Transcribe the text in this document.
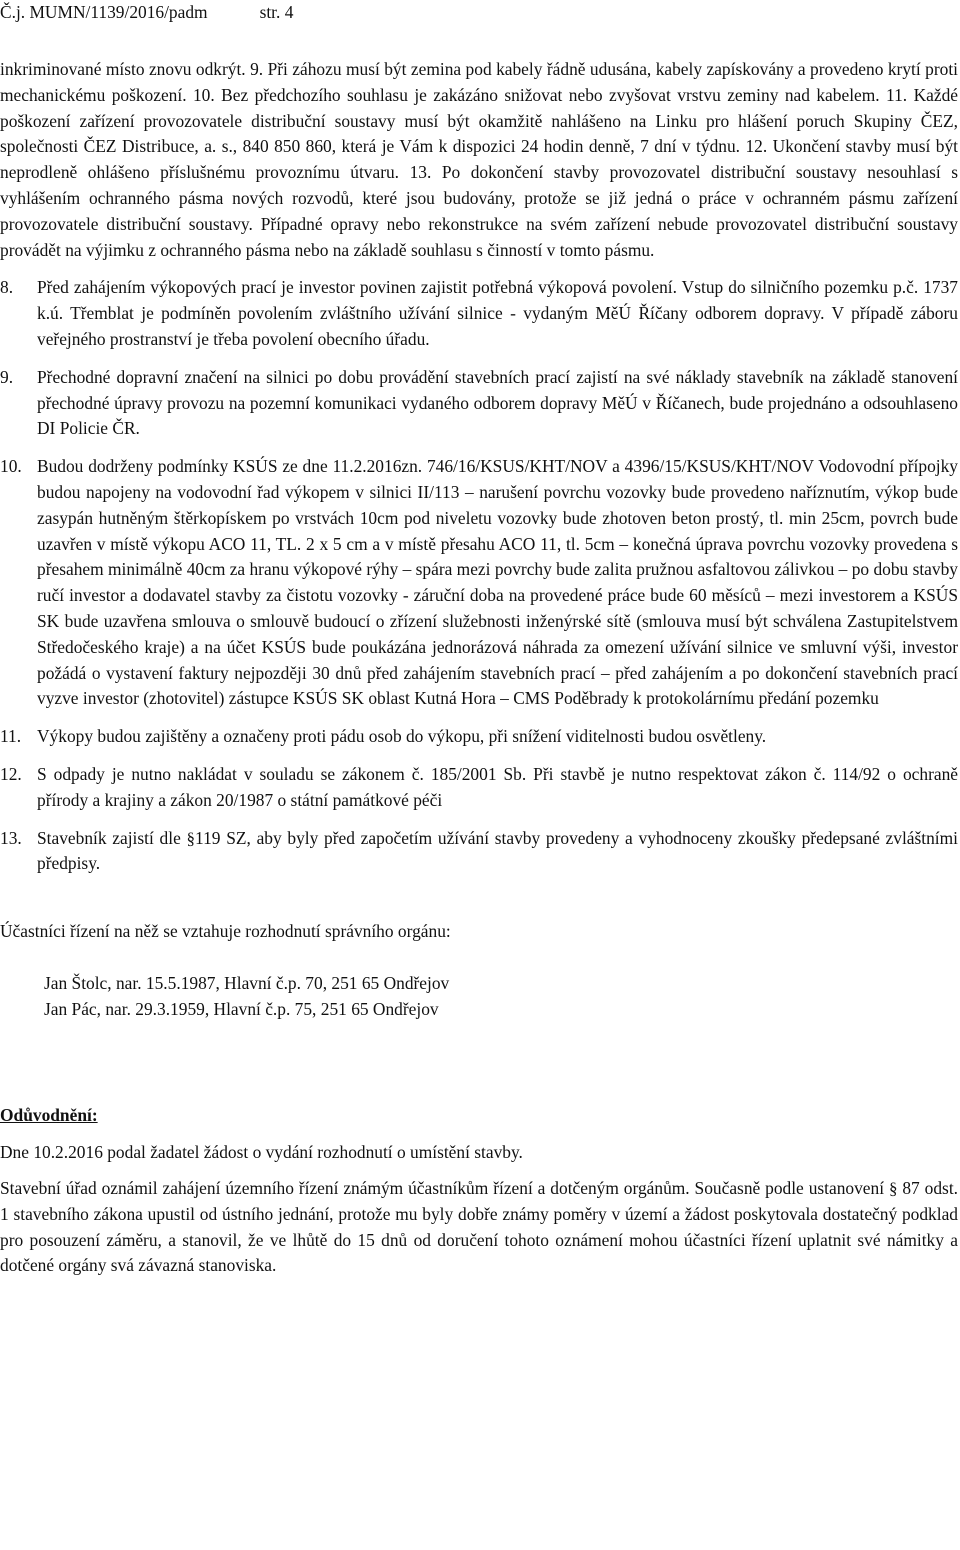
Č.j. MUMN/1139/2016/padm	str. 4

inkriminované místo znovu odkrýt. 9. Při záhozu musí být zemina pod kabely řádně udusána, kabely zapískovány a provedeno krytí proti mechanickému poškození. 10. Bez předchozího souhlasu je zakázáno snižovat nebo zvyšovat vrstvu zeminy nad kabelem. 11. Každé poškození zařízení provozovatele distribuční soustavy musí být okamžitě nahlášeno na Linku pro hlášení poruch Skupiny ČEZ, společnosti ČEZ Distribuce, a. s., 840 850 860, která je Vám k dispozici 24 hodin denně, 7 dní v týdnu. 12. Ukončení stavby musí být neprodleně ohlášeno příslušnému provoznímu útvaru. 13. Po dokončení stavby provozovatel distribuční soustavy nesouhlasí s vyhlášením ochranného pásma nových rozvodů, které jsou budovány, protože se již jedná o práce v ochranném pásmu zařízení provozovatele distribuční soustavy. Případné opravy nebo rekonstrukce na svém zařízení nebude provozovatel distribuční soustavy provádět na výjimku z ochranného pásma nebo na základě souhlasu s činností v tomto pásmu.

8.	Před zahájením výkopových prací je investor povinen zajistit potřebná výkopová povolení. Vstup do silničního pozemku p.č. 1737 k.ú. Třemblat je podmíněn povolením zvláštního užívání silnice - vydaným MěÚ Říčany odborem dopravy. V případě záboru veřejného prostranství je třeba povolení obecního úřadu.

9.	Přechodné dopravní značení na silnici po dobu provádění stavebních prací zajistí na své náklady stavebník na základě stanovení přechodné úpravy provozu na pozemní komunikaci vydaného odborem dopravy MěÚ v Říčanech, bude projednáno a odsouhlaseno DI Policie ČR.

10. Budou dodrženy podmínky KSÚS ze dne 11.2.2016zn. 746/16/KSUS/KHT/NOV a 4396/15/KSUS/KHT/NOV Vodovodní přípojky budou napojeny na vodovodní řad výkopem v silnici II/113 – narušení povrchu vozovky bude provedeno naříznutím, výkop bude zasypán hutněným štěrkopískem po vrstvách 10cm pod niveletu vozovky bude zhotoven beton prostý, tl. min 25cm, povrch bude uzavřen v místě výkopu ACO 11, TL. 2 x 5 cm a v místě přesahu ACO 11, tl. 5cm – konečná úprava povrchu vozovky provedena s přesahem minimálně 40cm za hranu výkopové rýhy – spára mezi povrchy bude zalita pružnou asfaltovou zálivkou – po dobu stavby ručí investor a dodavatel stavby za čistotu vozovky - záruční doba na provedené práce bude 60 měsíců – mezi investorem a KSÚS SK bude uzavřena smlouva o smlouvě budoucí o zřízení služebnosti inženýrské sítě (smlouva musí být schválena Zastupitelstvem Středočeského kraje) a na účet KSÚS bude poukázána jednorázová náhrada za omezení užívání silnice ve smluvní výši, investor požádá o vystavení faktury nejpozději 30 dnů před zahájením stavebních prací – před zahájením a po dokončení stavebních prací vyzve investor (zhotovitel) zástupce KSÚS SK oblast Kutná Hora – CMS Poděbrady k protokolárnímu předání pozemku

11. Výkopy budou zajištěny a označeny proti pádu osob do výkopu, při snížení viditelnosti budou osvětleny.

12. S odpady je nutno nakládat v souladu se zákonem č. 185/2001 Sb. Při stavbě je nutno respektovat zákon č. 114/92 o ochraně přírody a krajiny a zákon 20/1987 o státní památkové péči

13. Stavebník zajistí dle §119 SZ, aby byly před započetím užívání stavby provedeny a vyhodnoceny zkoušky předepsané zvláštními předpisy.

Účastníci řízení na něž se vztahuje rozhodnutí správního orgánu:

Jan Štolc, nar. 15.5.1987, Hlavní č.p. 70, 251 65 Ondřejov
Jan Pác, nar. 29.3.1959, Hlavní č.p. 75, 251 65 Ondřejov

Odůvodnění:

Dne 10.2.2016 podal žadatel žádost o vydání rozhodnutí o umístění stavby.

Stavební úřad oznámil zahájení územního řízení známým účastníkům řízení a dotčeným orgánům. Současně podle ustanovení § 87 odst. 1 stavebního zákona upustil od ústního jednání, protože mu byly dobře známy poměry v území a žádost poskytovala dostatečný podklad pro posouzení záměru, a stanovil, že ve lhůtě do 15 dnů od doručení tohoto oznámení mohou účastníci řízení uplatnit své námitky a dotčené orgány svá závazná stanoviska.
